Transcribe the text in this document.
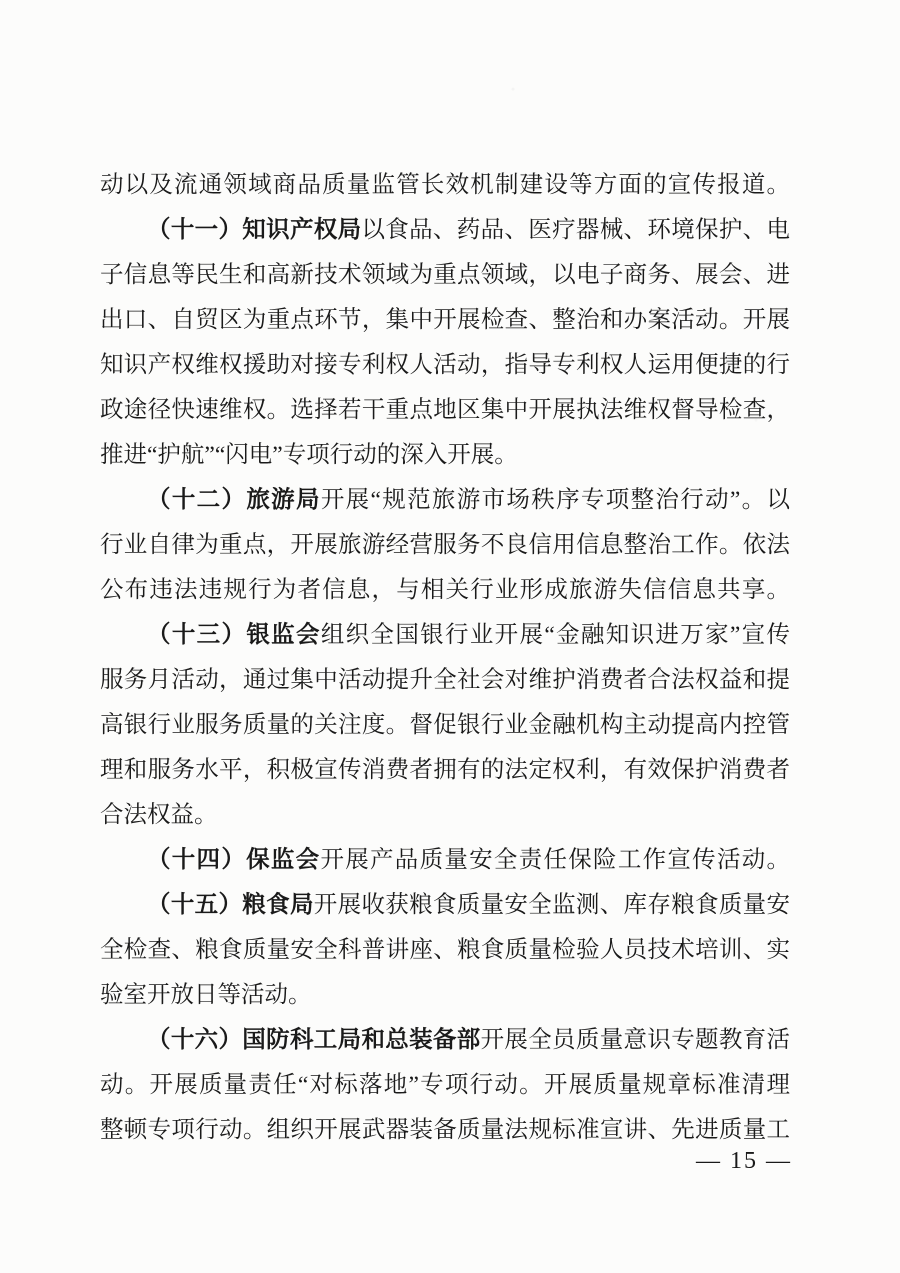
动以及流通领域商品质量监管长效机制建设等方面的宣传报道。
（十一）知识产权局以食品、药品、医疗器械、环境保护、电
子信息等民生和高新技术领域为重点领域，以电子商务、展会、进
出口、自贸区为重点环节，集中开展检查、整治和办案活动。开展
知识产权维权援助对接专利权人活动，指导专利权人运用便捷的行
政途径快速维权。选择若干重点地区集中开展执法维权督导检查，
推进“护航”“闪电”专项行动的深入开展。
（十二）旅游局开展“规范旅游市场秩序专项整治行动”。以
行业自律为重点，开展旅游经营服务不良信用信息整治工作。依法
公布违法违规行为者信息，与相关行业形成旅游失信信息共享。
（十三）银监会组织全国银行业开展“金融知识进万家”宣传
服务月活动，通过集中活动提升全社会对维护消费者合法权益和提
高银行业服务质量的关注度。督促银行业金融机构主动提高内控管
理和服务水平，积极宣传消费者拥有的法定权利，有效保护消费者
合法权益。
（十四）保监会开展产品质量安全责任保险工作宣传活动。
（十五）粮食局开展收获粮食质量安全监测、库存粮食质量安
全检查、粮食质量安全科普讲座、粮食质量检验人员技术培训、实
验室开放日等活动。
（十六）国防科工局和总装备部开展全员质量意识专题教育活
动。开展质量责任“对标落地”专项行动。开展质量规章标准清理
整顿专项行动。组织开展武器装备质量法规标准宣讲、先进质量工
— 15 —
